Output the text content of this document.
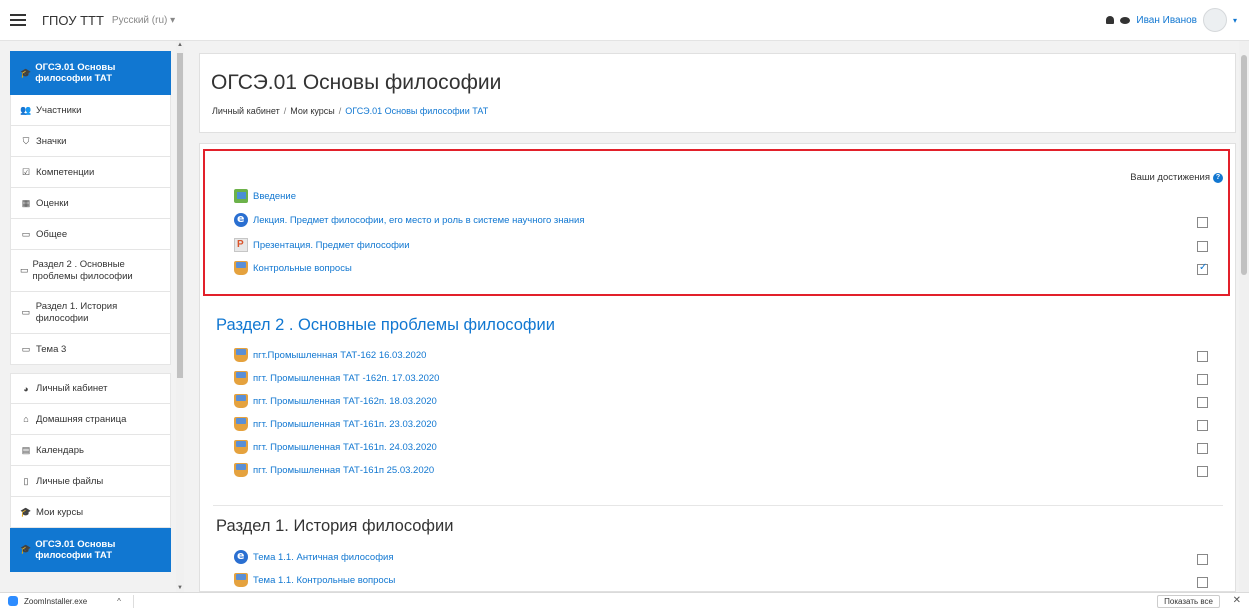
ГПОУ ТТТ Русский (ru) ▾	Иван Иванов	▾
🎓 ОГСЭ.01 Основы философии ТАТ
👥 Участники
⛉ Значки
☑ Компетенции
▦ Оценки
▭ Общее
▭
Раздел 2 . Основные проблемы философии
▭
Раздел 1. История философии
▭ Тема 3
◕ Личный кабинет
⌂ Домашняя страница
▤ Календарь
▯ Личные файлы
🎓 Мои курсы
🎓 ОГСЭ.01 Основы философии ТАТ
▲
▼
ОГСЭ.01 Основы философии
Личный кабинет / Мои курсы / ОГСЭ.01 Основы философии ТАТ
Ваши достижения ?
Введение
e
Лекция. Предмет философии, его место и роль в системе научного знания
P
Презентация. Предмет философии
Контрольные вопросы
✓
Раздел 2 . Основные проблемы философии
пгт.Промышленная ТАТ-162 16.03.2020
пгт. Промышленная ТАТ -162п. 17.03.2020
пгт. Промышленная ТАТ-162п. 18.03.2020
пгт. Промышленная ТАТ-161п. 23.03.2020
пгт. Промышленная ТАТ-161п. 24.03.2020
пгт. Промышленная ТАТ-161п 25.03.2020
Раздел 1. История философии
e
Тема 1.1. Античная философия
Тема 1.1. Контрольные вопросы
ZoomInstaller.exe	^	Показать все	✕
